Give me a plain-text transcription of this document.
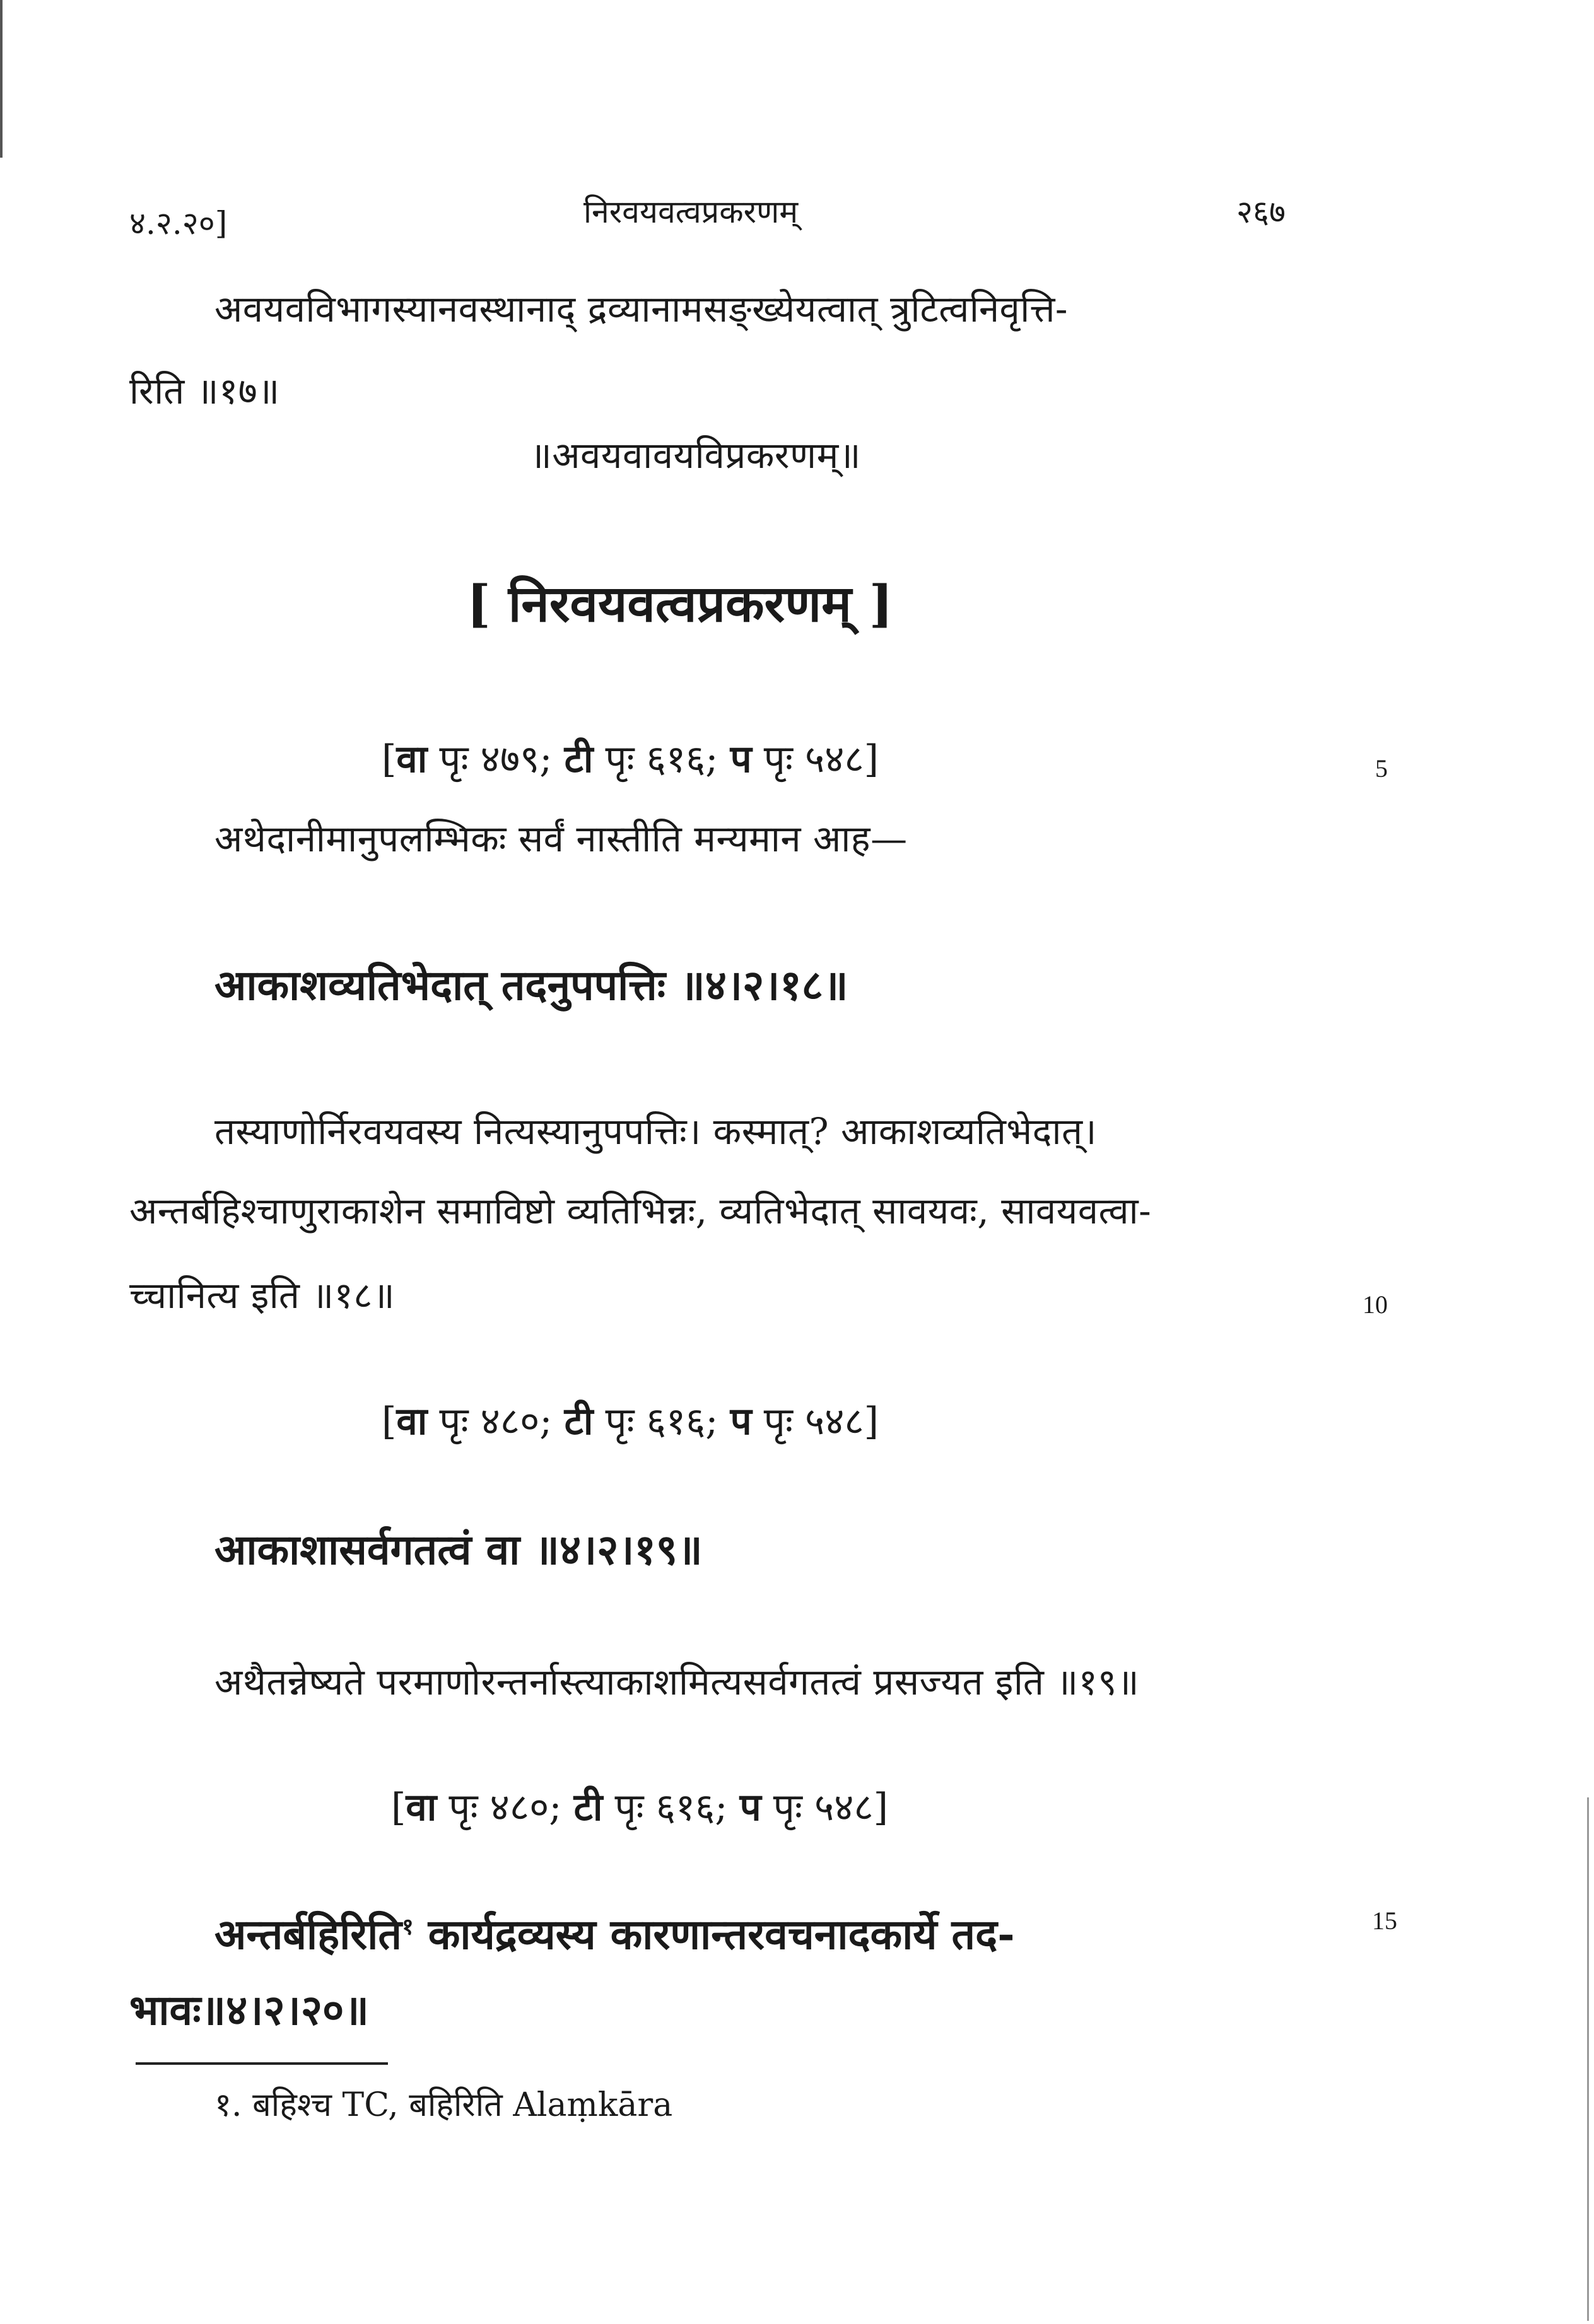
४.२.२०]	निरवयवत्वप्रकरणम्	२६७
अवयवविभागस्यानवस्थानाद् द्रव्यानामसङ्ख्येयत्वात् त्रुटित्वनिवृत्ति-
रिति ॥१७॥
॥अवयवावयविप्रकरणम्॥
[ निरवयवत्वप्रकरणम् ]
[वा पृः ४७९; टी पृः ६१६; प पृः ५४८]	5
अथेदानीमानुपलम्भिकः सर्वं नास्तीति मन्यमान आह—
आकाशव्यतिभेदात् तदनुपपत्तिः ॥४।२।१८॥
तस्याणोर्निरवयवस्य नित्यस्यानुपपत्तिः। कस्मात्? आकाशव्यतिभेदात्।
अन्तर्बहिश्चाणुराकाशेन समाविष्टो व्यतिभिन्नः, व्यतिभेदात् सावयवः, सावयवत्वा-
च्चानित्य इति ॥१८॥	10
[वा पृः ४८०; टी पृः ६१६; प पृः ५४८]
आकाशासर्वगतत्वं वा ॥४।२।१९॥
अथैतन्नेष्यते परमाणोरन्तर्नास्त्याकाशमित्यसर्वगतत्वं प्रसज्यत इति ॥१९॥
[वा पृः ४८०; टी पृः ६१६; प पृः ५४८]
अन्तर्बहिरिति$^१$ कार्यद्रव्यस्य कारणान्तरवचनादकार्ये तद-	15
भावः॥४।२।२०॥
१. बहिश्च TC, बहिरिति Alaṃkāra
